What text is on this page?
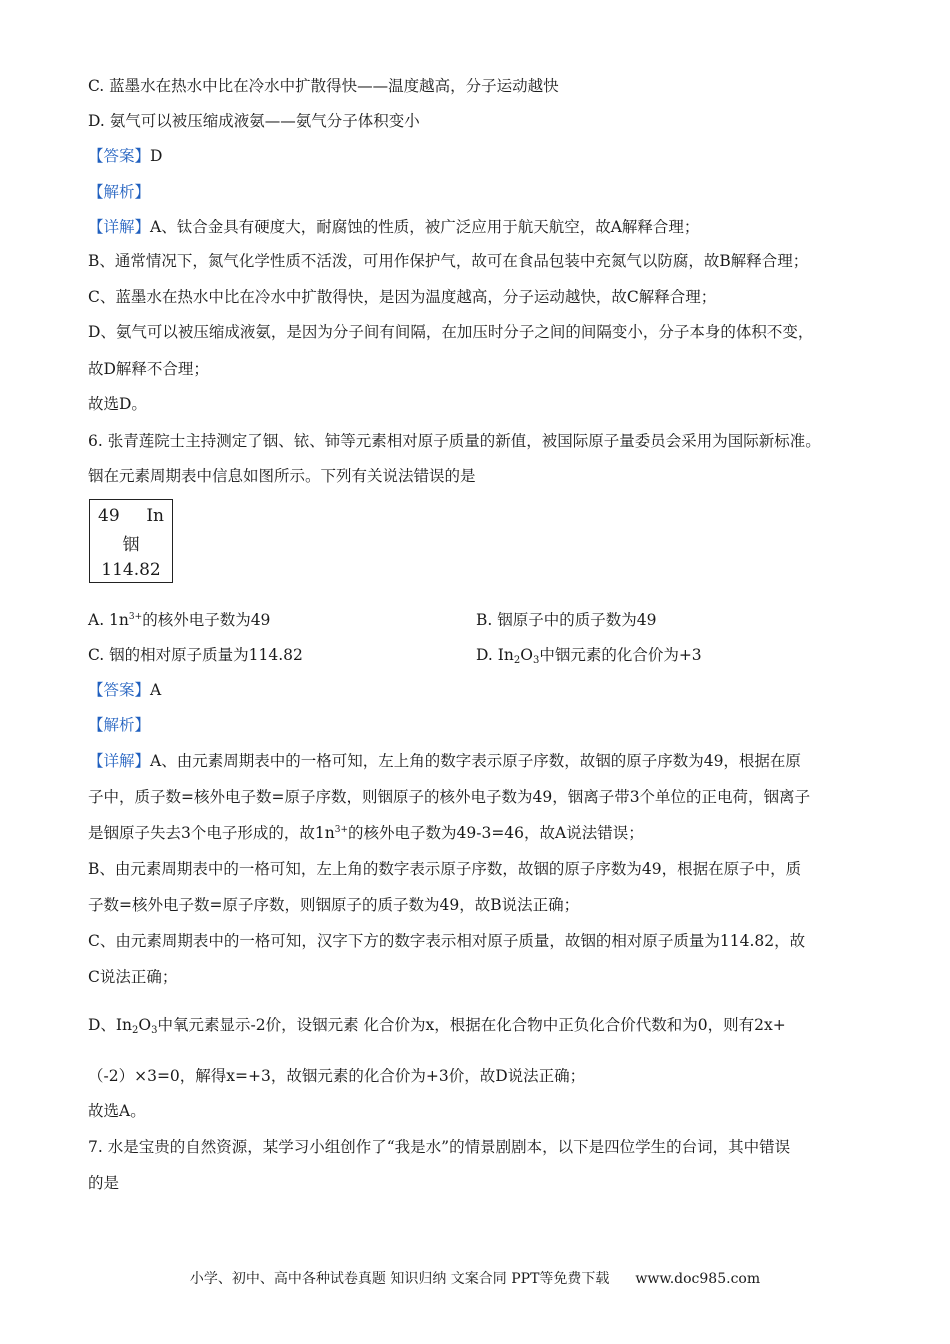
C. 蓝墨水在热水中比在冷水中扩散得快——温度越高，分子运动越快
D. 氨气可以被压缩成液氨——氨气分子体积变小
【答案】D
【解析】
【详解】A、钛合金具有硬度大，耐腐蚀的性质，被广泛应用于航天航空，故A解释合理；
B、通常情况下，氮气化学性质不活泼，可用作保护气，故可在食品包装中充氮气以防腐，故B解释合理；
C、蓝墨水在热水中比在冷水中扩散得快，是因为温度越高，分子运动越快，故C解释合理；
D、氨气可以被压缩成液氨，是因为分子间有间隔，在加压时分子之间的间隔变小，分子本身的体积不变，
故D解释不合理；
故选D。
6. 张青莲院士主持测定了铟、铱、铈等元素相对原子质量的新值，被国际原子量委员会采用为国际新标准。
铟在元素周期表中信息如图所示。下列有关说法错误的是
49 In
铟
114.82
A. $1n^{3+}$的核外电子数为49	B. 铟原子中的质子数为49
C. 铟的相对原子质量为114.82	D. $In_2O_3$中铟元素的化合价为+3
【答案】A
【解析】
【详解】A、由元素周期表中的一格可知，左上角的数字表示原子序数，故铟的原子序数为49，根据在原
子中，质子数=核外电子数=原子序数，则铟原子的核外电子数为49，铟离子带3个单位的正电荷，铟离子
是铟原子失去3个电子形成的，故$1n^{3+}$的核外电子数为49-3=46，故A说法错误；
B、由元素周期表中的一格可知，左上角的数字表示原子序数，故铟的原子序数为49，根据在原子中，质
子数=核外电子数=原子序数，则铟原子的质子数为49，故B说法正确；
C、由元素周期表中的一格可知，汉字下方的数字表示相对原子质量，故铟的相对原子质量为114.82，故
C说法正确；
D、$In_2O_3$中氧元素显示-2价，设铟元素 化合价为x，根据在化合物中正负化合价代数和为0，则有2x+
（-2）×3=0，解得x=+3，故铟元素的化合价为+3价，故D说法正确；
故选A。
7. 水是宝贵的自然资源，某学习小组创作了“我是水”的情景剧剧本，以下是四位学生的台词，其中错误
的是
小学、初中、高中各种试卷真题 知识归纳 文案合同 PPT等免费下载 www.doc985.com
